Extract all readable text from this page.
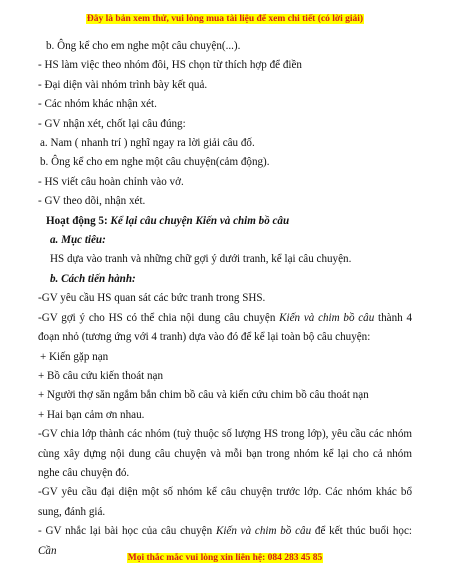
Đây là bản xem thử, vui lòng mua tài liệu để xem chi tiết (có lời giải)

b. Ông kể cho em nghe một câu chuyện(...).

- HS làm việc theo nhóm đôi, HS chọn từ thích hợp để điền

- Đại diện vài nhóm trình bày kết quả.

- Các nhóm khác nhận xét.

- GV nhận xét, chốt lại câu đúng:

a. Nam ( nhanh trí ) nghĩ ngay ra lời giải câu đố.

b. Ông kể cho em nghe một câu chuyện(cảm động).

- HS viết câu hoàn chỉnh vào vở.

- GV theo dõi, nhận xét.

Hoạt động 5: Kể lại câu chuyện Kiến và chim bồ câu

a. Mục tiêu:

HS dựa vào tranh và những chữ gợi ý dưới tranh, kể lại câu chuyện.

b. Cách tiến hành:

-GV yêu cầu HS quan sát các bức tranh trong SHS.

-GV gợi ý cho HS có thể chia nội dung câu chuyện Kiến và chim bồ câu thành 4 đoạn nhỏ (tương ứng với 4 tranh) dựa vào đó để kể lại toàn bộ câu chuyện:

+ Kiến gặp nạn

+ Bồ câu cứu kiến thoát nạn

+ Người thợ săn ngắm bắn chim bồ câu và kiến cứu chim bồ câu thoát nạn

+ Hai bạn cảm ơn nhau.

-GV chia lớp thành các nhóm (tuỳ thuộc số lượng HS trong lớp), yêu cầu các nhóm cùng xây dựng nội dung câu chuyện và mỗi bạn trong nhóm kể lại cho cả nhóm nghe câu chuyện đó.

-GV yêu cầu đại diện một số nhóm kể câu chuyện trước lớp. Các nhóm khác bổ sung, đánh giá.

- GV nhắc lại bài học của câu chuyện Kiến và chim bồ câu để kết thúc buổi học: Cần

Mọi thắc mắc vui lòng xin liên hệ: 084 283 45 85
